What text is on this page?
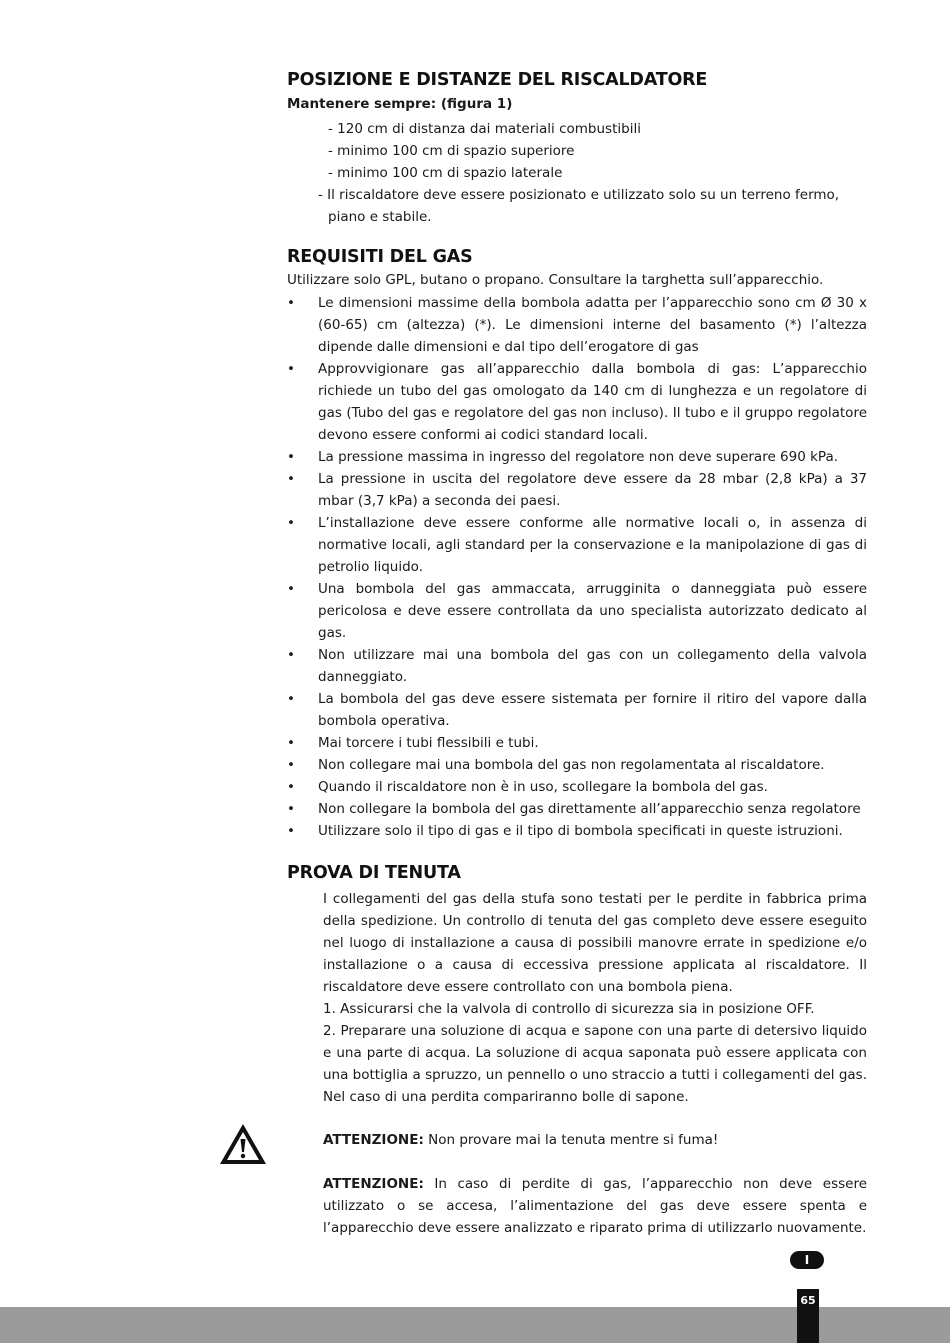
POSIZIONE E DISTANZE DEL RISCALDATORE
Mantenere sempre: (figura 1)
- 120 cm di distanza dai materiali combustibili
- minimo 100 cm di spazio superiore
- minimo 100 cm di spazio laterale
- Il riscaldatore deve essere posizionato e utilizzato solo su un terreno fermo, piano e stabile.
REQUISITI DEL GAS
Utilizzare solo GPL, butano o propano. Consultare la targhetta sull’apparecchio.
• Le dimensioni massime della bombola adatta per l’apparecchio sono cm Ø 30 x (60-65) cm (altezza) (*). Le dimensioni interne del basamento (*) l’altezza dipende dalle dimensioni e dal tipo dell’erogatore di gas
• Approvvigionare gas all’apparecchio dalla bombola di gas: L’apparecchio richiede un tubo del gas omologato da 140 cm di lunghezza e un regolatore di gas (Tubo del gas e regolatore del gas non incluso). Il tubo e il gruppo regolatore devono essere conformi ai codici standard locali.
• La pressione massima in ingresso del regolatore non deve superare 690 kPa.
• La pressione in uscita del regolatore deve essere da 28 mbar (2,8 kPa) a 37 mbar (3,7 kPa) a seconda dei paesi.
• L’installazione deve essere conforme alle normative locali o, in assenza di normative locali, agli standard per la conservazione e la manipolazione di gas di petrolio liquido.
• Una bombola del gas ammaccata, arrugginita o danneggiata può essere pericolosa e deve essere controllata da uno specialista autorizzato dedicato al gas.
• Non utilizzare mai una bombola del gas con un collegamento della valvola danneggiato.
• La bombola del gas deve essere sistemata per fornire il ritiro del vapore dalla bombola operativa.
• Mai torcere i tubi flessibili e tubi.
• Non collegare mai una bombola del gas non regolamentata al riscaldatore.
• Quando il riscaldatore non è in uso, scollegare la bombola del gas.
• Non collegare la bombola del gas direttamente all’apparecchio senza regolatore
• Utilizzare solo il tipo di gas e il tipo di bombola specificati in queste istruzioni.
PROVA DI TENUTA

I collegamenti del gas della stufa sono testati per le perdite in fabbrica prima della spedizione. Un controllo di tenuta del gas completo deve essere eseguito nel luogo di installazione a causa di possibili manovre errate in spedizione e/o installazione o a causa di eccessiva pressione applicata al riscaldatore. Il riscaldatore deve essere controllato con una bombola piena.

1. Assicurarsi che la valvola di controllo di sicurezza sia in posizione OFF.

2. Preparare una soluzione di acqua e sapone con una parte di detersivo liquido e una parte di acqua. La soluzione di acqua saponata può essere applicata con una bottiglia a spruzzo, un pennello o uno straccio a tutti i collegamenti del gas. Nel caso di una perdita compariranno bolle di sapone.

ATTENZIONE: Non provare mai la tenuta mentre si fuma!
ATTENZIONE: In caso di perdite di gas, l’apparecchio non deve essere utilizzato o se accesa, l’alimentazione del gas deve essere spenta e l’apparecchio deve essere analizzato e riparato prima di utilizzarlo nuovamente.
I
65
